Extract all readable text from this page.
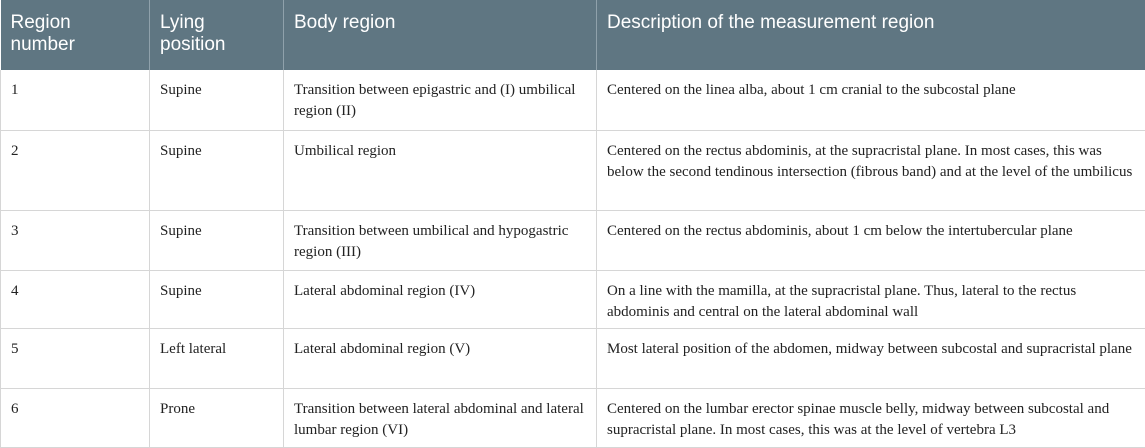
Region number	Lying position	Body region	Description of the measurement region
1	Supine	Transition between epigastric and (I) umbilical region (II)	Centered on the linea alba, about 1 cm cranial to the subcostal plane
2	Supine	Umbilical region	Centered on the rectus abdominis, at the supracristal plane. In most cases, this was below the second tendinous intersection (fibrous band) and at the level of the umbilicus
3	Supine	Transition between umbilical and hypogastric region (III)	Centered on the rectus abdominis, about 1 cm below the intertubercular plane
4	Supine	Lateral abdominal region (IV)	On a line with the mamilla, at the supracristal plane. Thus, lateral to the rectus abdominis and central on the lateral abdominal wall
5	Left lateral	Lateral abdominal region (V)	Most lateral position of the abdomen, midway between subcostal and supracristal plane
6	Prone	Transition between lateral abdominal and lateral lumbar region (VI)	Centered on the lumbar erector spinae muscle belly, midway between subcostal and supracristal plane. In most cases, this was at the level of vertebra L3
